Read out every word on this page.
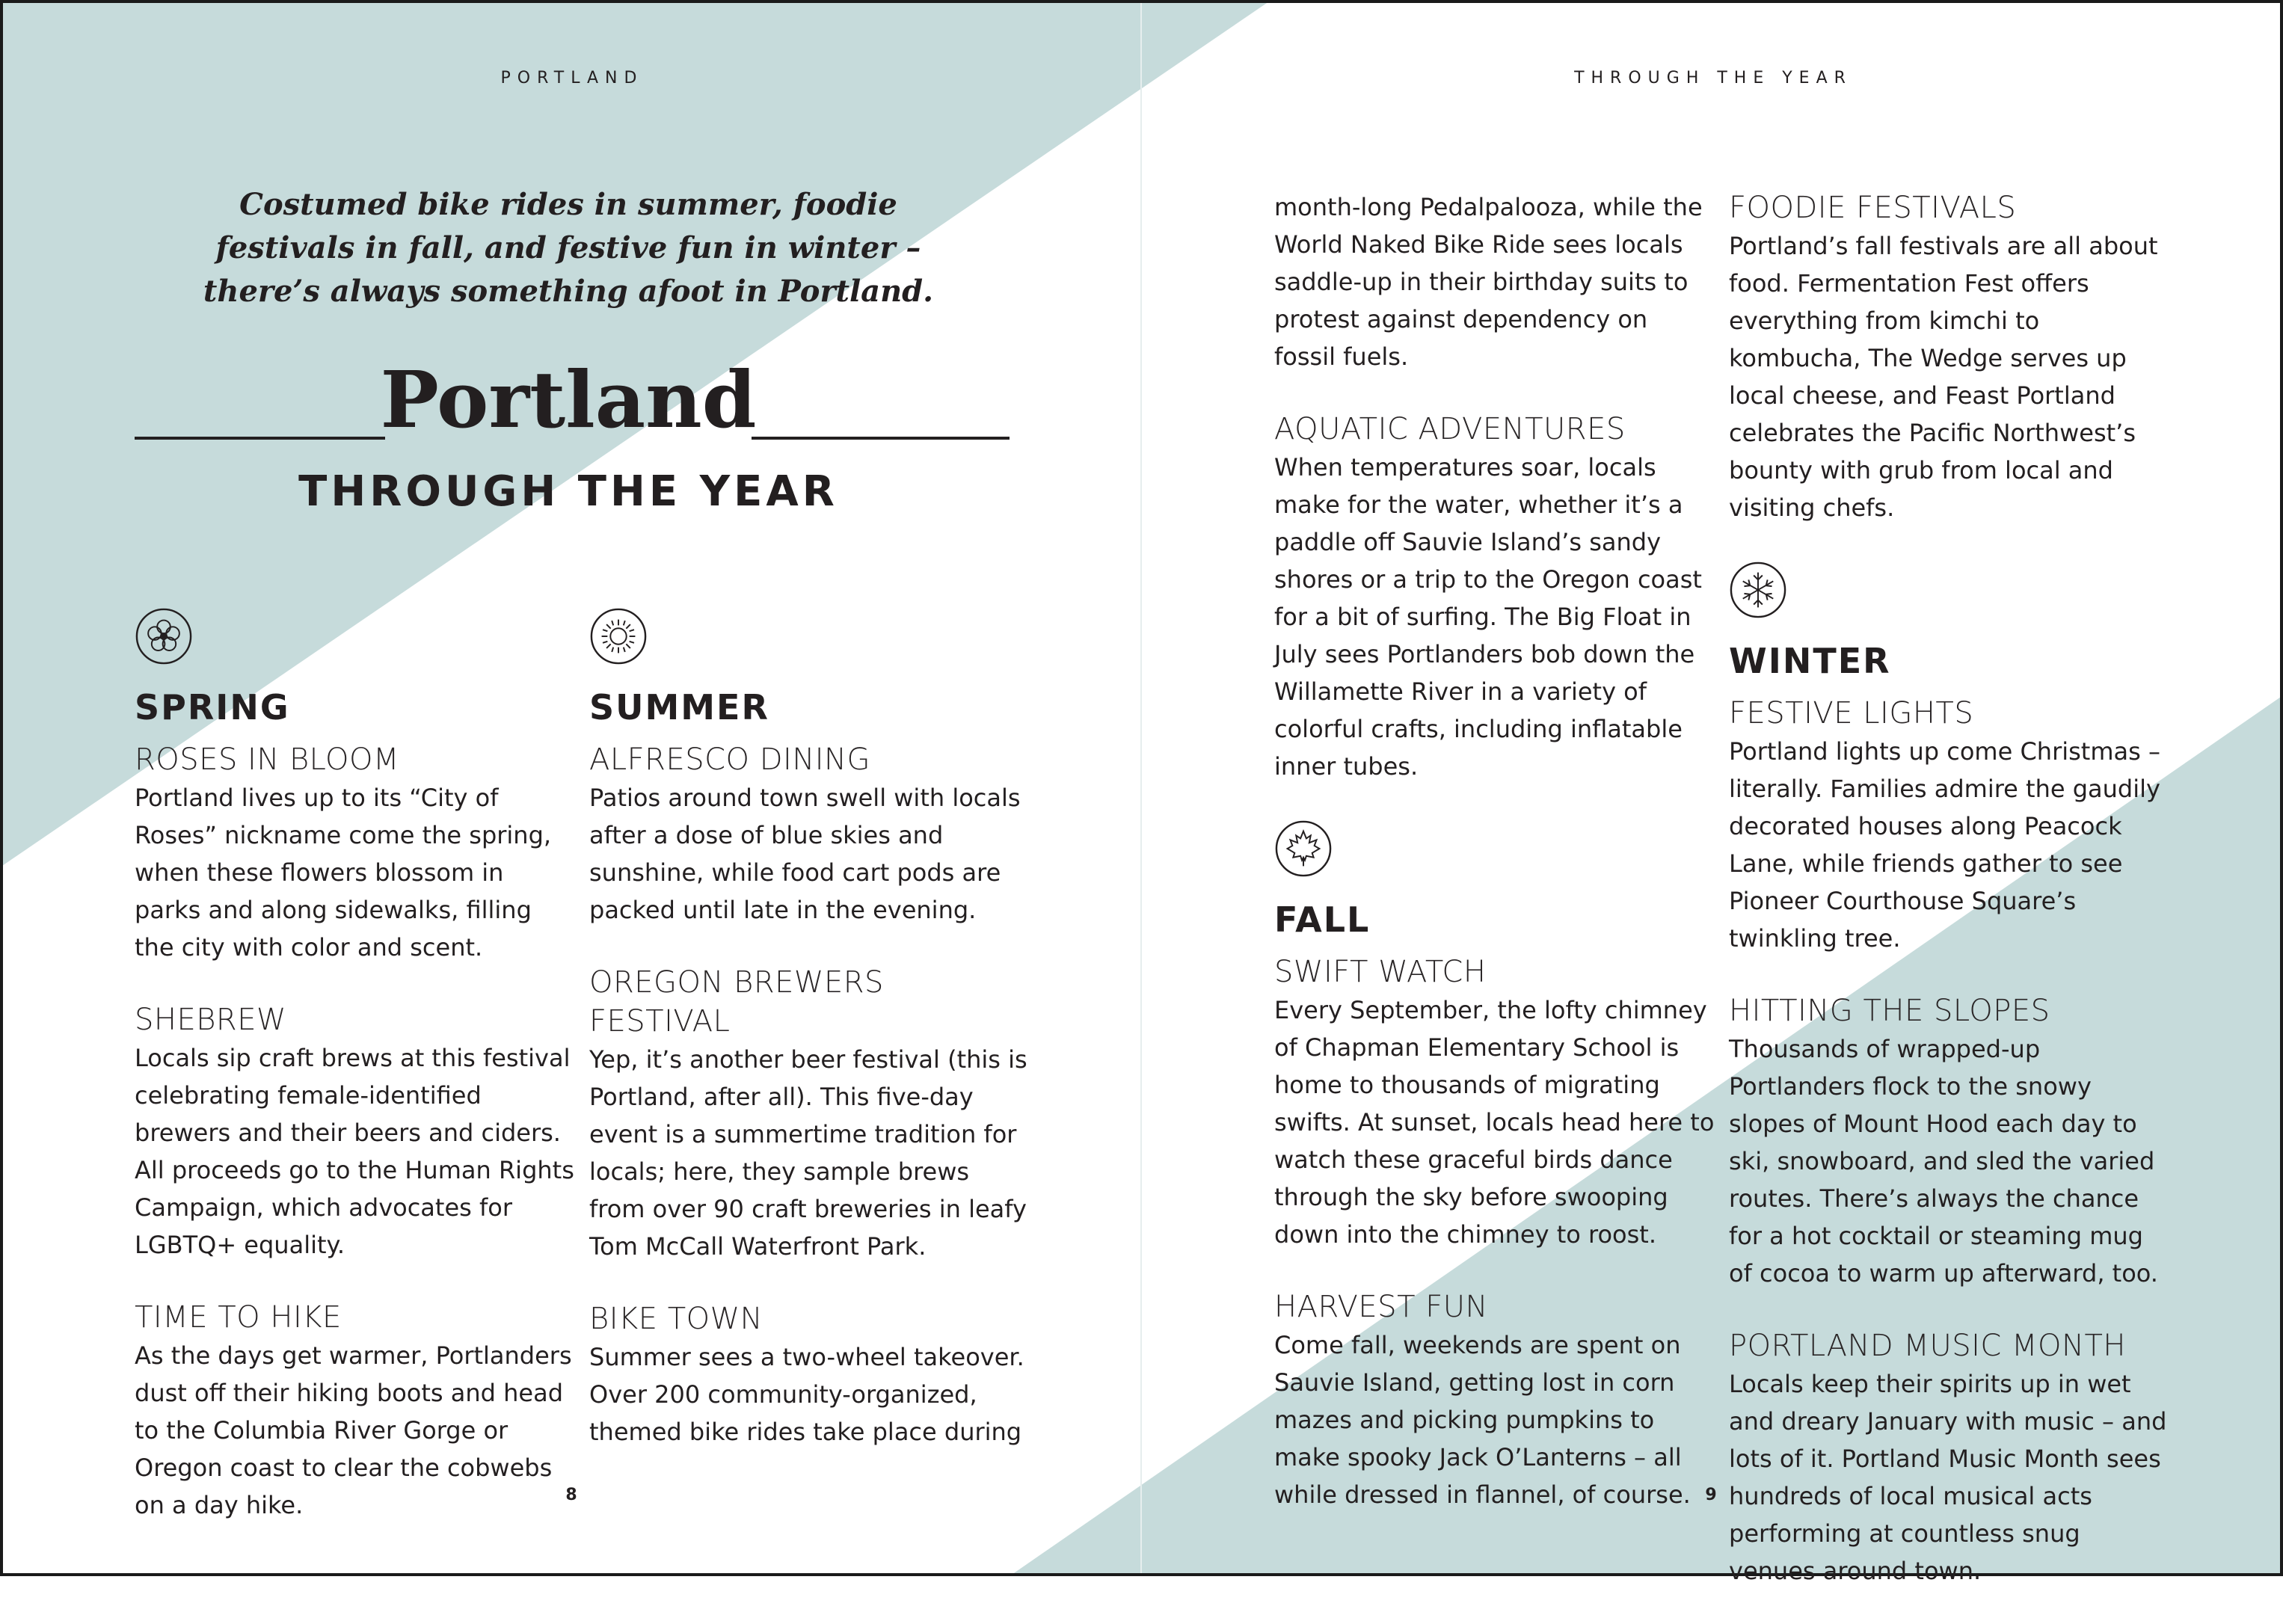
PORTLAND	THROUGH THE YEAR
Costumed bike rides in summer, foodie festivals in fall, and festive fun in winter – there’s always something afoot in Portland.
Portland
THROUGH THE YEAR
SPRING
ROSES IN BLOOM

Portland lives up to its “City of Roses” nickname come the spring, when these flowers blossom in parks and along sidewalks, filling the city with color and scent.

SHEBREW

Locals sip craft brews at this festival celebrating female-identified brewers and their beers and ciders. All proceeds go to the Human Rights Campaign, which advocates for LGBTQ+ equality.

TIME TO HIKE

As the days get warmer, Portlanders dust off their hiking boots and head to the Columbia River Gorge or Oregon coast to clear the cobwebs on a day hike.

SUMMER
ALFRESCO DINING

Patios around town swell with locals after a dose of blue skies and sunshine, while food cart pods are packed until late in the evening.

OREGON BREWERS FESTIVAL

Yep, it’s another beer festival (this is Portland, after all). This five-day event is a summertime tradition for locals; here, they sample brews from over 90 craft breweries in leafy Tom McCall Waterfront Park.

BIKE TOWN

Summer sees a two-wheel takeover. Over 200 community-organized, themed bike rides take place during

month-long Pedalpalooza, while the World Naked Bike Ride sees locals saddle-up in their birthday suits to protest against dependency on fossil fuels.

AQUATIC ADVENTURES

When temperatures soar, locals make for the water, whether it’s a paddle off Sauvie Island’s sandy shores or a trip to the Oregon coast for a bit of surfing. The Big Float in July sees Portlanders bob down the Willamette River in a variety of colorful crafts, including inflatable inner tubes.

FALL
SWIFT WATCH

Every September, the lofty chimney of Chapman Elementary School is home to thousands of migrating swifts. At sunset, locals head here to watch these graceful birds dance through the sky before swooping down into the chimney to roost.

HARVEST FUN

Come fall, weekends are spent on Sauvie Island, getting lost in corn mazes and picking pumpkins to make spooky Jack O’Lanterns – all while dressed in flannel, of course.

FOODIE FESTIVALS

Portland’s fall festivals are all about food. Fermentation Fest offers everything from kimchi to kombucha, The Wedge serves up local cheese, and Feast Portland celebrates the Pacific Northwest’s bounty with grub from local and visiting chefs.

WINTER
FESTIVE LIGHTS

Portland lights up come Christmas – literally. Families admire the gaudily decorated houses along Peacock Lane, while friends gather to see Pioneer Courthouse Square’s twinkling tree.

HITTING THE SLOPES

Thousands of wrapped-up Portlanders flock to the snowy slopes of Mount Hood each day to ski, snowboard, and sled the varied routes. There’s always the chance for a hot cocktail or steaming mug of cocoa to warm up afterward, too.

PORTLAND MUSIC MONTH

Locals keep their spirits up in wet and dreary January with music – and lots of it. Portland Music Month sees hundreds of local musical acts performing at countless snug venues around town.

8	9
